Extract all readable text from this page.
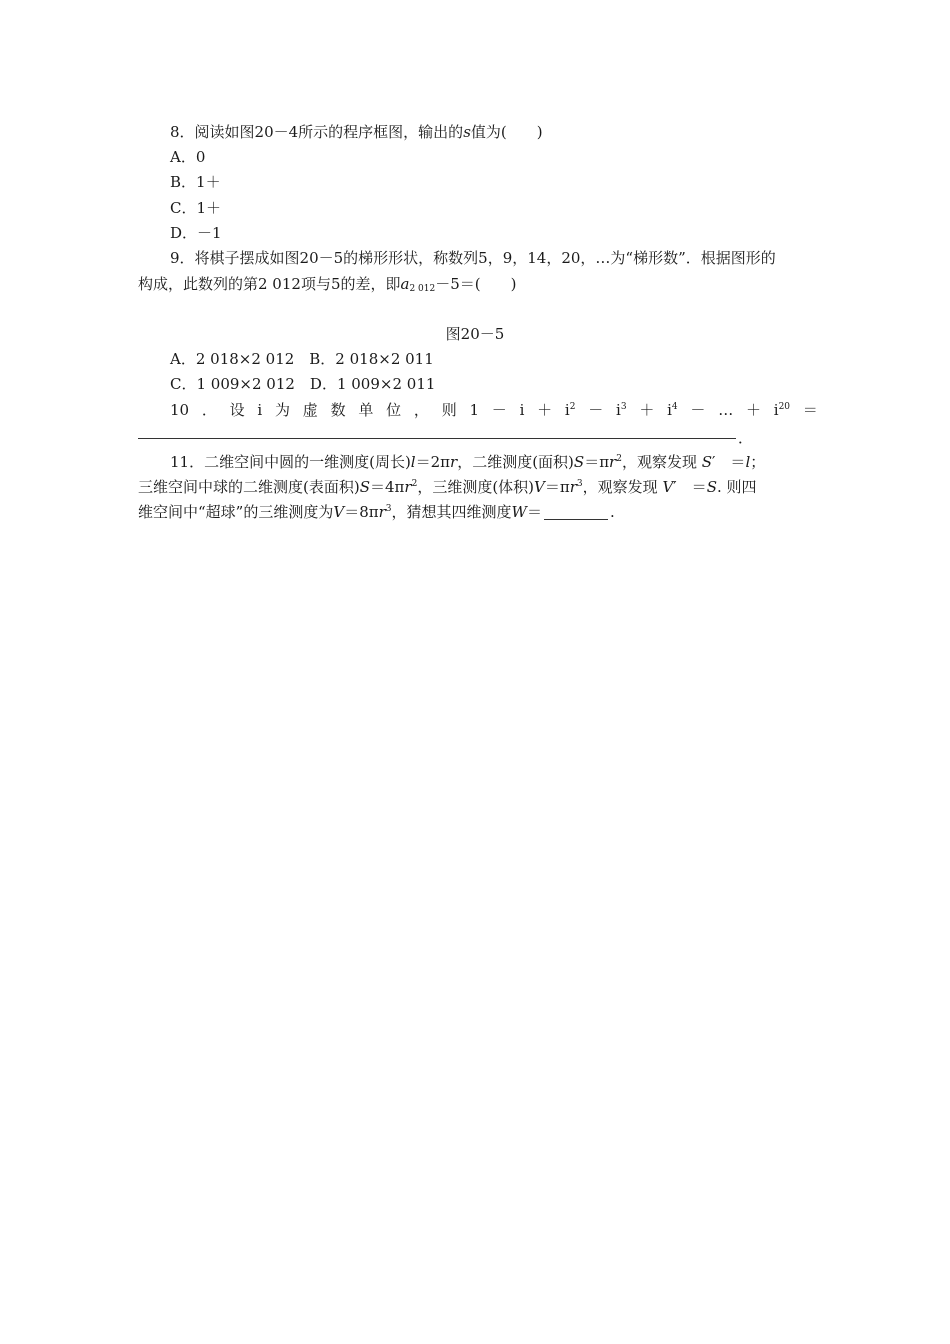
8．阅读如图20－4所示的程序框图，输出的s值为(　　)
A．0
B．1＋
C．1＋
D．－1
9．将棋子摆成如图20－5的梯形形状，称数列5，9，14，20，…为“梯形数”．根据图形的
构成，此数列的第2 012项与5的差，即$a_{2 012}-5=$(　　)
图20－5
A．2 018×2 012　B．2 018×2 011
C．1 009×2 012　D．1 009×2 011
10 ． 设 i 为 虚 数 单 位 ， 则 $1 - i + i^2 - i^3 + i^4$ － … ＋ $i^{20}$ ＝
．
11．二维空间中圆的一维测度(周长)l＝2πr，二维测度(面积)$S=\pi r^2$，观察发现 S′　＝l；
三维空间中球的二维测度(表面积)$S=4\pi r^2$，三维测度(体积)$V=\pi r^3$，观察发现 V′　＝S. 则四
维空间中“超球”的三维测度为$V=8\pi r^3$，猜想其四维测度W＝	.
